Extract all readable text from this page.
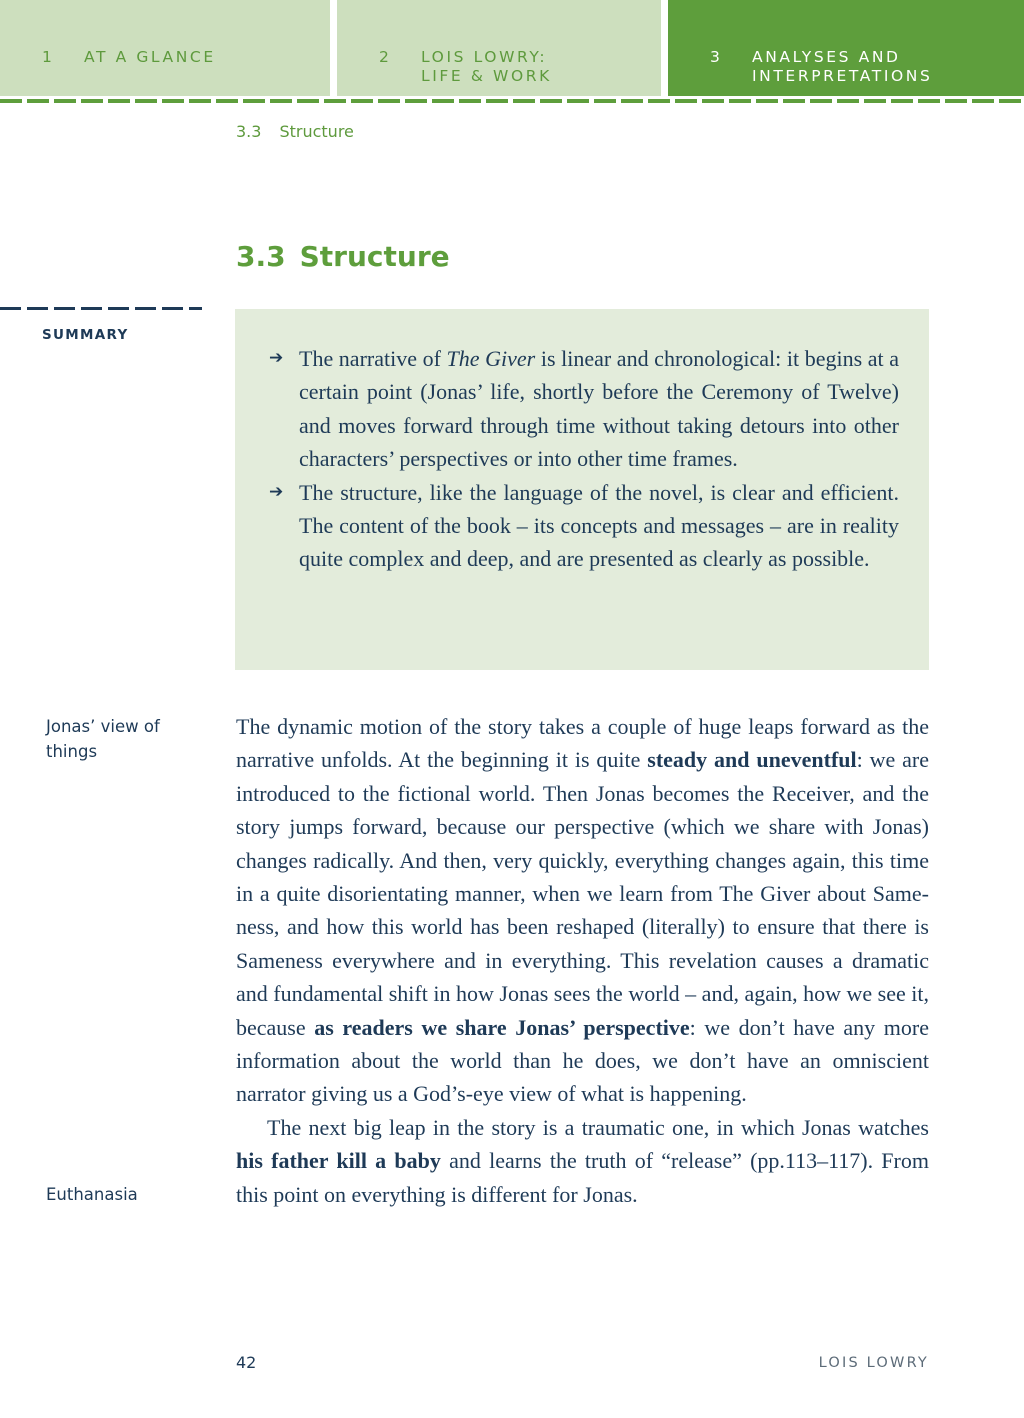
1	AT A GLANCE	2	LOIS LOWRY:
LIFE & WORK
3	ANALYSES AND
INTERPRETATIONS
3.3 Structure
3.3 Structure
SUMMARY
➔ The narrative of The Giver is linear and chronological: it begins at a certain point (Jonas’ life, shortly before the Ceremony of Twelve) and moves forward through time without taking detours into other characters’ perspectives or into other time frames.
➔ The structure, like the language of the novel, is clear and efficient. The content of the book – its concepts and messages – are in reality quite complex and deep, and are presented as clearly as possible.
Jonas’ view of things
Euthanasia

The dynamic motion of the story takes a couple of huge leaps forward as the narrative unfolds. At the beginning it is quite steady and uneventful: we are introduced to the fictional world. Then Jonas becomes the Receiver, and the story jumps forward, because our perspective (which we share with Jonas) changes radically. And then, very quickly, everything changes again, this time in a quite disorientating manner, when we learn from The Giver about Sameness, and how this world has been reshaped (literally) to ensure that there is Sameness everywhere and in everything. This revelation causes a dramatic and fundamental shift in how Jonas sees the world – and, again, how we see it, because as readers we share Jonas’ perspective: we don’t have any more information about the world than he does, we don’t have an omniscient narrator giving us a God’s-eye view of what is happening.

The next big leap in the story is a traumatic one, in which Jonas watches his father kill a baby and learns the truth of “release” (pp.113–117). From this point on everything is different for Jonas.

42	LOIS LOWRY
